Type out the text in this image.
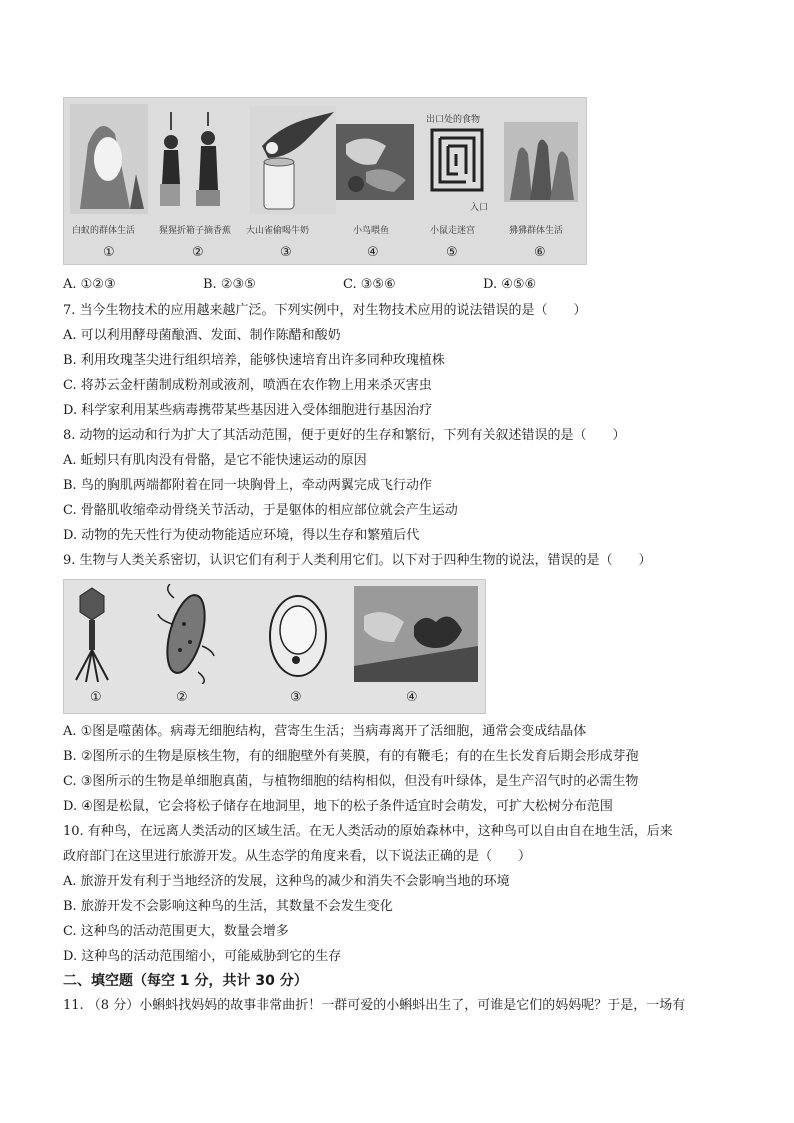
白蚁的群体生活
①
猩猩折箱子摘香蕉
②
大山雀偷喝牛奶
③
小鸟喂鱼
④
出口处的食物
入口
小鼠走迷宫
⑤
狒狒群体生活
⑥
A. ①②③	B. ②③⑤	C. ③⑤⑥	D. ④⑤⑥
7. 当今生物技术的应用越来越广泛。下列实例中，对生物技术应用的说法错误的是（　　）
A. 可以利用酵母菌酿酒、发面、制作陈醋和酸奶
B. 利用玫瑰茎尖进行组织培养，能够快速培育出许多同种玫瑰植株
C. 将苏云金杆菌制成粉剂或液剂，喷洒在农作物上用来杀灭害虫
D. 科学家利用某些病毒携带某些基因进入受体细胞进行基因治疗
8. 动物的运动和行为扩大了其活动范围，便于更好的生存和繁衍，下列有关叙述错误的是（　　）
A. 蚯蚓只有肌肉没有骨骼，是它不能快速运动的原因
B. 鸟的胸肌两端都附着在同一块胸骨上，牵动两翼完成飞行动作
C. 骨骼肌收缩牵动骨绕关节活动，于是躯体的相应部位就会产生运动
D. 动物的先天性行为使动物能适应环境，得以生存和繁殖后代
9. 生物与人类关系密切，认识它们有利于人类利用它们。以下对于四种生物的说法，错误的是（　　）
①	②	③	④
A. ①图是噬菌体。病毒无细胞结构，营寄生生活；当病毒离开了活细胞，通常会变成结晶体
B. ②图所示的生物是原核生物，有的细胞壁外有荚膜，有的有鞭毛；有的在生长发育后期会形成芽孢
C. ③图所示的生物是单细胞真菌，与植物细胞的结构相似，但没有叶绿体，是生产沼气时的必需生物
D. ④图是松鼠，它会将松子储存在地洞里，地下的松子条件适宜时会萌发，可扩大松树分布范围
10. 有种鸟，在远离人类活动的区域生活。在无人类活动的原始森林中，这种鸟可以自由自在地生活，后来
政府部门在这里进行旅游开发。从生态学的角度来看，以下说法正确的是（　　）
A. 旅游开发有利于当地经济的发展，这种鸟的减少和消失不会影响当地的环境
B. 旅游开发不会影响这种鸟的生活，其数量不会发生变化
C. 这种鸟的活动范围更大，数量会增多
D. 这种鸟的活动范围缩小，可能威胁到它的生存
二、填空题（每空 1 分，共计 30 分）
11. （8 分）小蝌蚪找妈妈的故事非常曲折！一群可爱的小蝌蚪出生了，可谁是它们的妈妈呢？于是，一场有
